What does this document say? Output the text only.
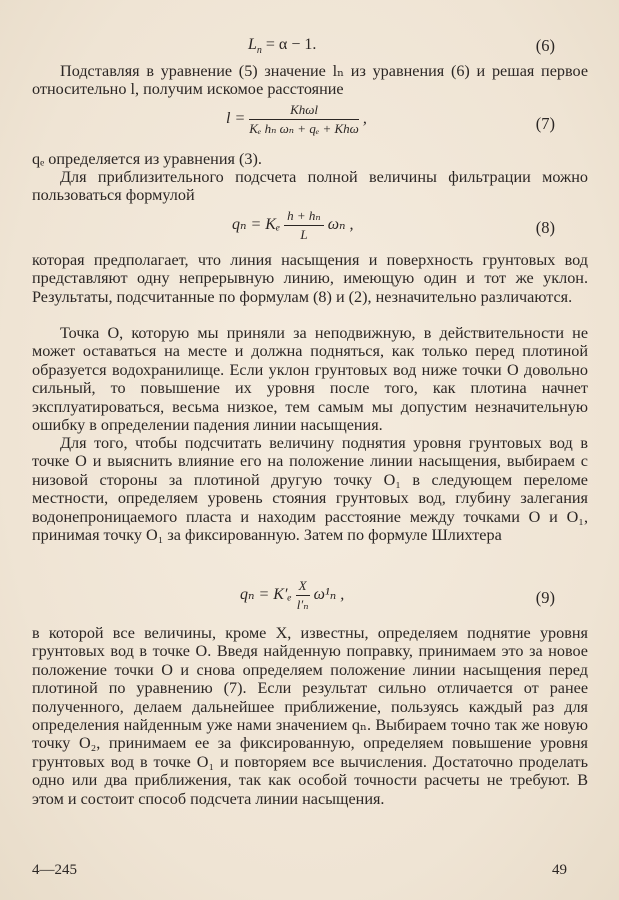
$L_n = \alpha - 1$.	(6)

Подставляя в уравнение (5) значение lₙ из уравнения (6) и решая первое относительно l, получим искомое расстояние

$l = \frac{\text{Khωl}}{\text{Kₑ hₙ ωₙ + qₑ + Khω}}$ ,	(7)

qₑ определяется из уравнения (3).

Для приблизительного подсчета полной величины фильтрации можно пользоваться формулой

qₙ = Kₑ $\frac{\text{h + hₙ}}{L}$ ωₙ ,	(8)

которая предполагает, что линия насыщения и поверхность грунтовых вод представляют одну непрерывную линию, имеющую один и тот же уклон. Результаты, подсчитанные по формулам (8) и (2), незначительно различаются.

Точка O, которую мы приняли за неподвижную, в действительности не может оставаться на месте и должна подняться, как только перед плотиной образуется водохранилище. Если уклон грунтовых вод ниже точки O довольно сильный, то повышение их уровня после того, как плотина начнет эксплуатироваться, весьма низкое, тем самым мы допустим незначительную ошибку в определении падения линии насыщения.

Для того, чтобы подсчитать величину поднятия уровня грунтовых вод в точке O и выяснить влияние его на положение линии насыщения, выбираем с низовой стороны за плотиной другую точку O₁ в следующем переломе местности, определяем уровень стояния грунтовых вод, глубину залегания водонепроницаемого пласта и находим расстояние между точками O и O₁, принимая точку O₁ за фиксированную. Затем по формуле Шлихтера

$q_n = K'_e \frac{X}{\text{l′ₙ}} \omega^1_n$ ,	(9)

в которой все величины, кроме X, известны, определяем поднятие уровня грунтовых вод в точке O. Введя найденную поправку, принимаем это за новое положение точки O и снова определяем положение линии насыщения перед плотиной по уравнению (7). Если результат сильно отличается от ранее полученного, делаем дальнейшее приближение, пользуясь каждый раз для определения найденным уже нами значением qₙ. Выбираем точно так же новую точку O₂, принимаем ее за фиксированную, определяем повышение уровня грунтовых вод в точке O₁ и повторяем все вычисления. Достаточно проделать одно или два приближения, так как особой точности расчеты не требуют. В этом и состоит способ подсчета линии насыщения.

4—245	49
